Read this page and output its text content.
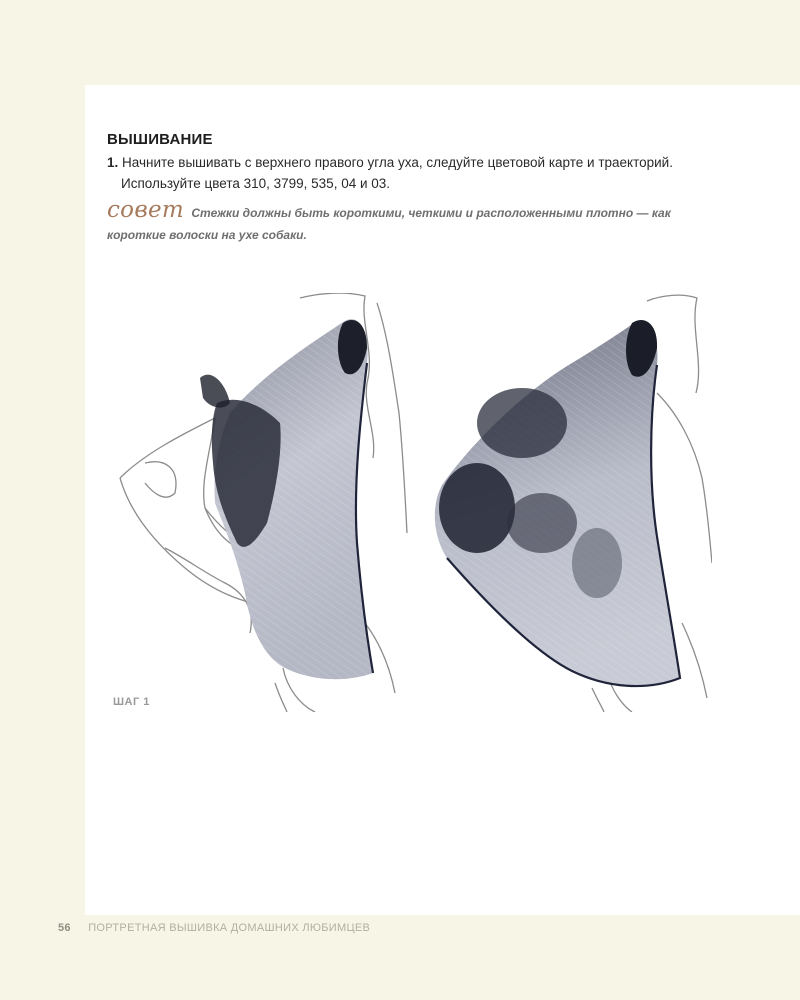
ВЫШИВАНИЕ
1. Начните вышивать с верхнего правого угла уха, следуйте цветовой карте и траекторий.
Используйте цвета 310, 3799, 535, 04 и 03.
совет Стежки должны быть короткими, четкими и расположенными плотно — как короткие волоски на ухе собаки.
ШАГ 1
56 ПОРТРЕТНАЯ ВЫШИВКА ДОМАШНИХ ЛЮБИМЦЕВ
